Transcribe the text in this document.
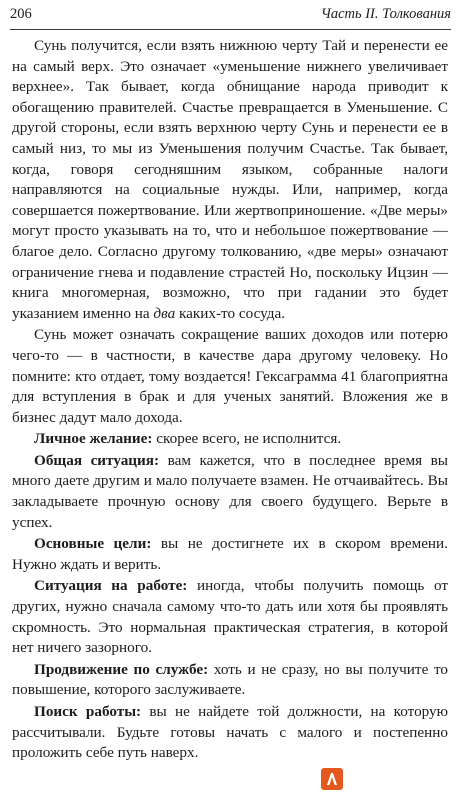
206	Часть II. Толкования

Сунь получится, если взять нижнюю черту Тай и перенести ее на самый верх. Это означает «уменьшение нижнего увеличивает верхнее». Так бывает, когда обнищание народа приводит к обогащению правителей. Счастье превращается в Уменьшение. С другой стороны, если взять верхнюю черту Сунь и перенести ее в самый низ, то мы из Уменьшения получим Счастье. Так бывает, когда, говоря сегодняшним языком, собранные налоги направляются на социальные нужды. Или, например, когда совершается пожертвование. Или жертвоприношение. «Две меры» могут просто указывать на то, что и небольшое пожертвование — благое дело. Согласно другому толкованию, «две меры» означают ограничение гнева и подавление страстей Но, поскольку Ицзин — книга многомерная, возможно, что при гадании это будет указанием именно на два каких-то сосуда.

Сунь может означать сокращение ваших доходов или потерю чего-то — в частности, в качестве дара другому человеку. Но помните: кто отдает, тому воздается! Гексаграмма 41 благоприятна для вступления в брак и для ученых занятий. Вложения же в бизнес дадут мало дохода.

Личное желание: скорее всего, не исполнится.

Общая ситуация: вам кажется, что в последнее время вы много даете другим и мало получаете взамен. Не отчаивайтесь. Вы закладываете прочную основу для своего будущего. Верьте в успех.

Основные цели: вы не достигнете их в скором времени. Нужно ждать и верить.

Ситуация на работе: иногда, чтобы получить помощь от других, нужно сначала самому что-то дать или хотя бы проявлять скромность. Это нормальная практическая стратегия, в которой нет ничего зазорного.

Продвижение по службе: хоть и не сразу, но вы получите то повышение, которого заслуживаете.

Поиск работы: вы не найдете той должности, на которую рассчитывали. Будьте готовы начать с малого и постепенно проложить себе путь наверх.
